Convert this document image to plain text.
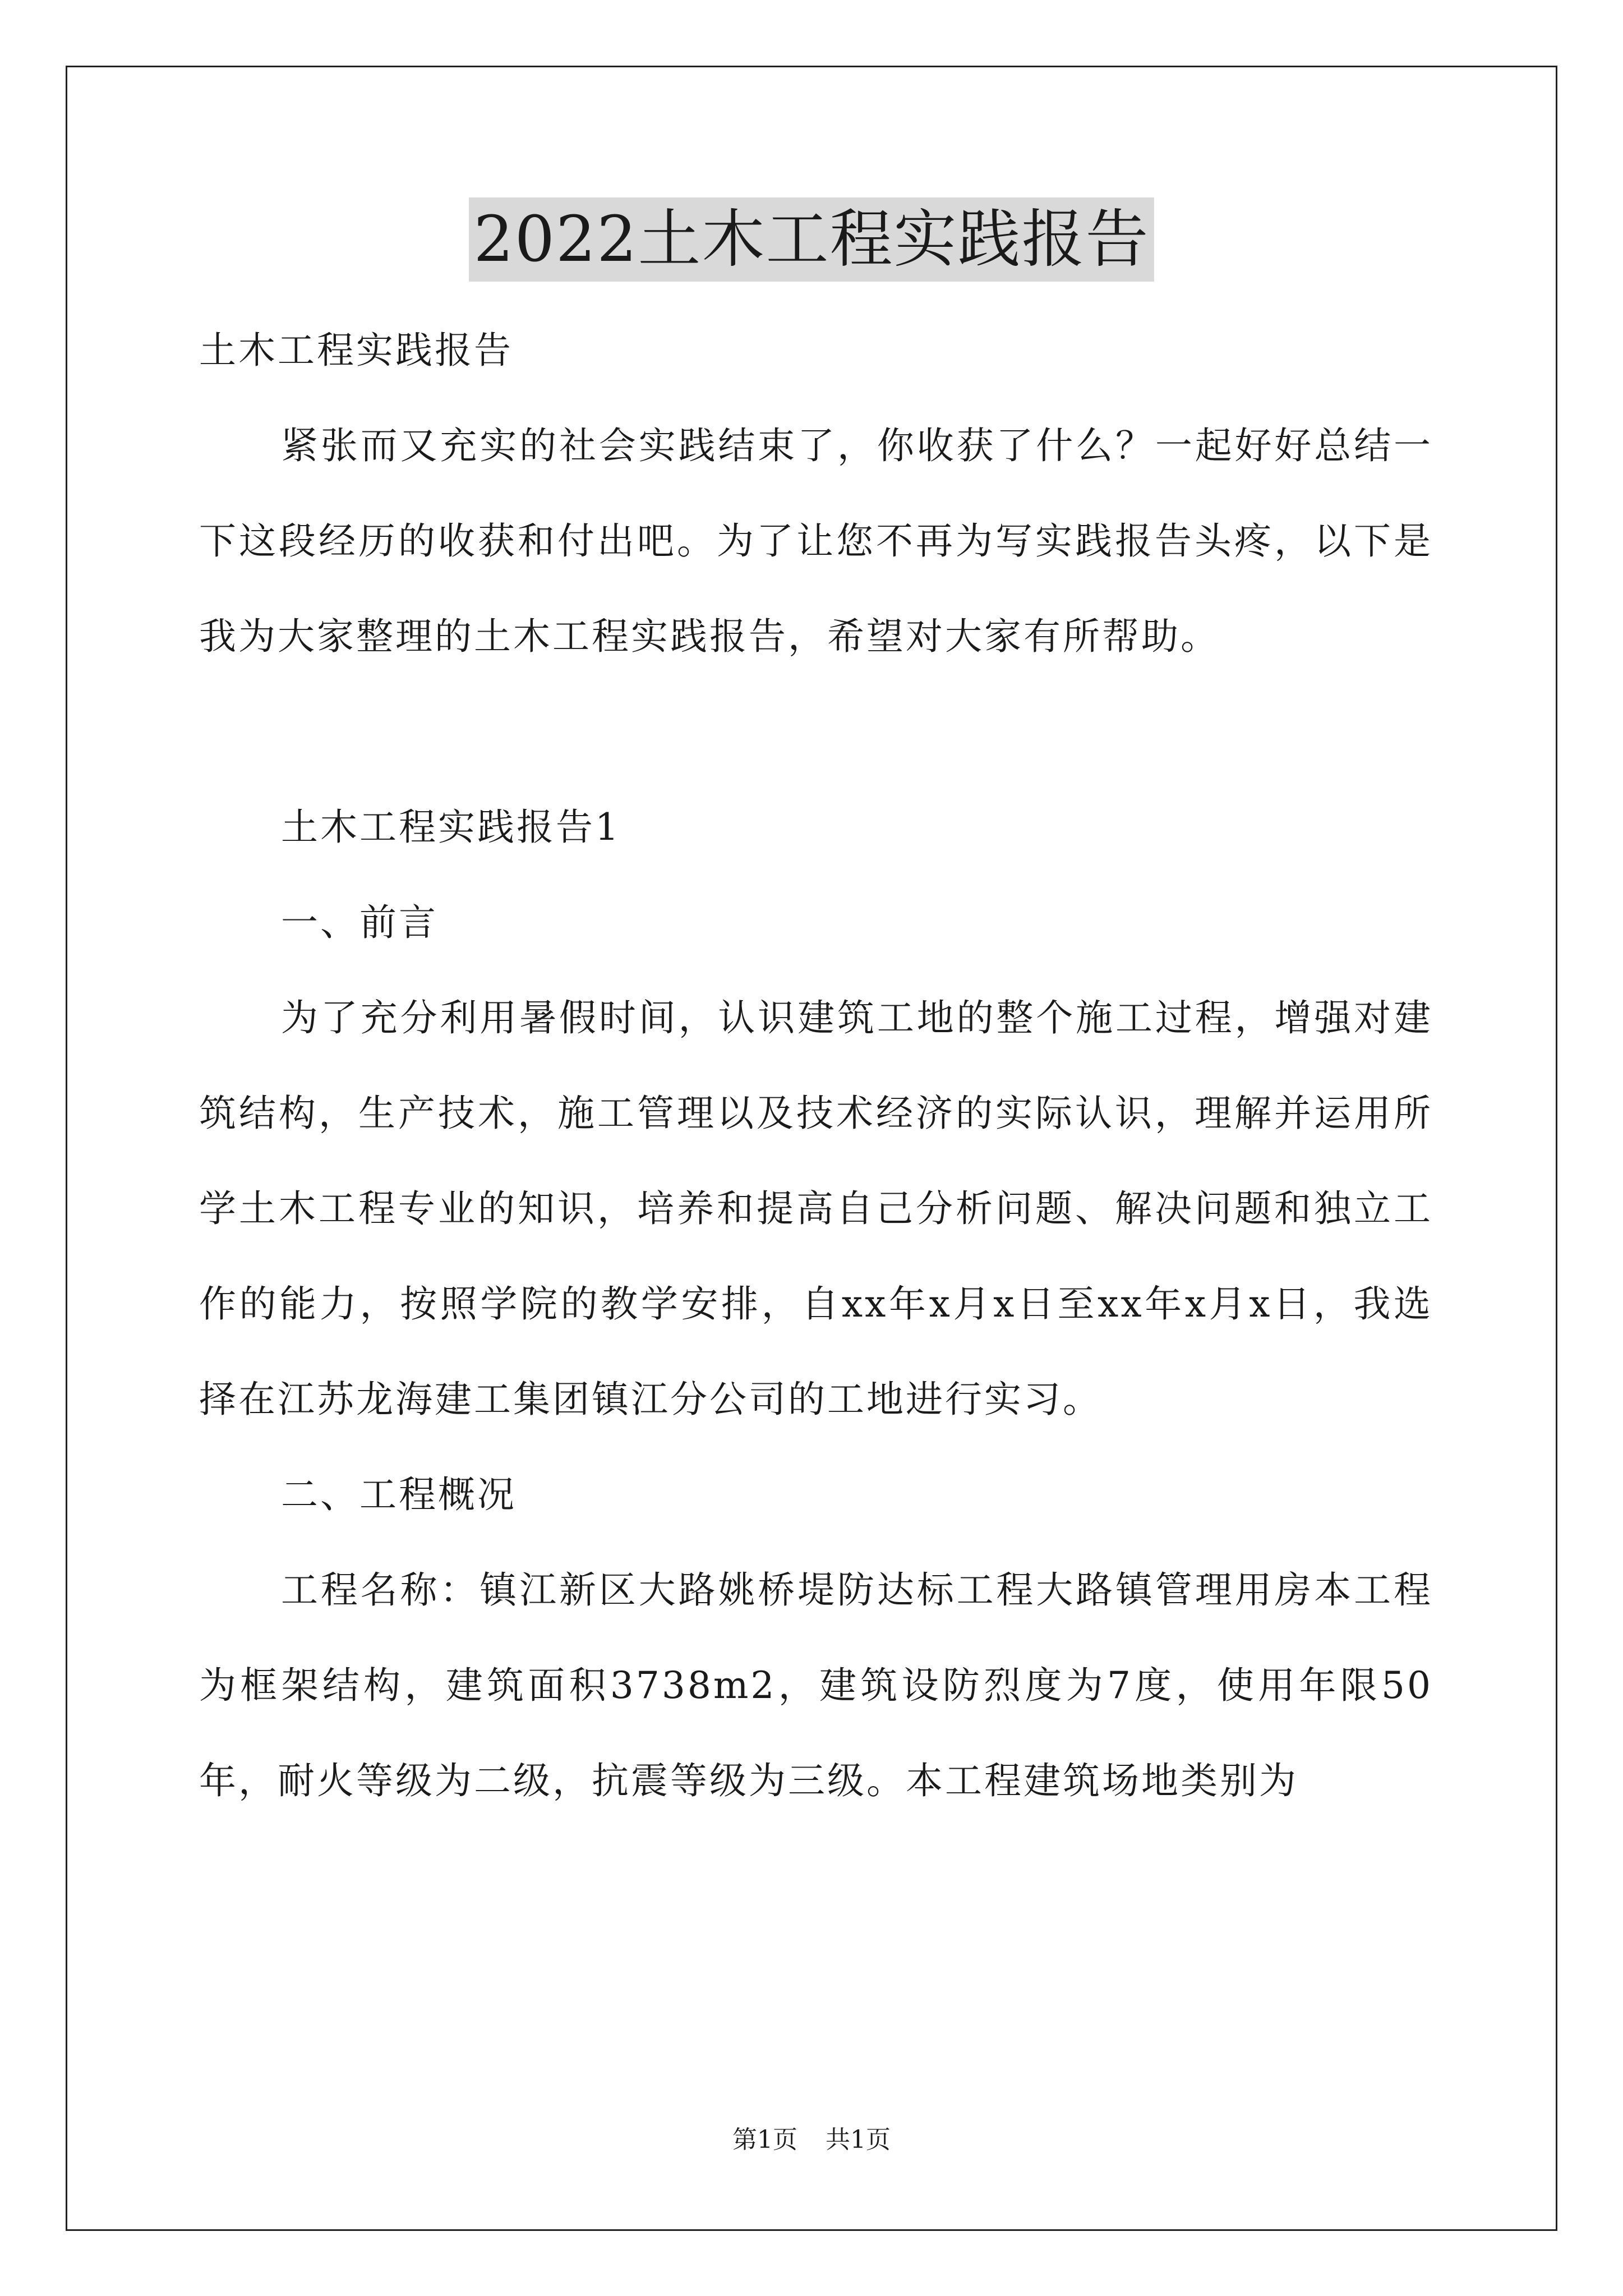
2022土木工程实践报告

土木工程实践报告

紧张而又充实的社会实践结束了，你收获了什么？一起好好总结一下这段经历的收获和付出吧。为了让您不再为写实践报告头疼，以下是我为大家整理的土木工程实践报告，希望对大家有所帮助。

土木工程实践报告1

一、前言

为了充分利用暑假时间，认识建筑工地的整个施工过程，增强对建筑结构，生产技术，施工管理以及技术经济的实际认识，理解并运用所学土木工程专业的知识，培养和提高自己分析问题、解决问题和独立工作的能力，按照学院的教学安排，自xx年x月x日至xx年x月x日，我选择在江苏龙海建工集团镇江分公司的工地进行实习。

二、工程概况

工程名称：镇江新区大路姚桥堤防达标工程大路镇管理用房本工程为框架结构，建筑面积3738m2，建筑设防烈度为7度，使用年限50年，耐火等级为二级，抗震等级为三级。本工程建筑场地类别为

第1页 共1页
